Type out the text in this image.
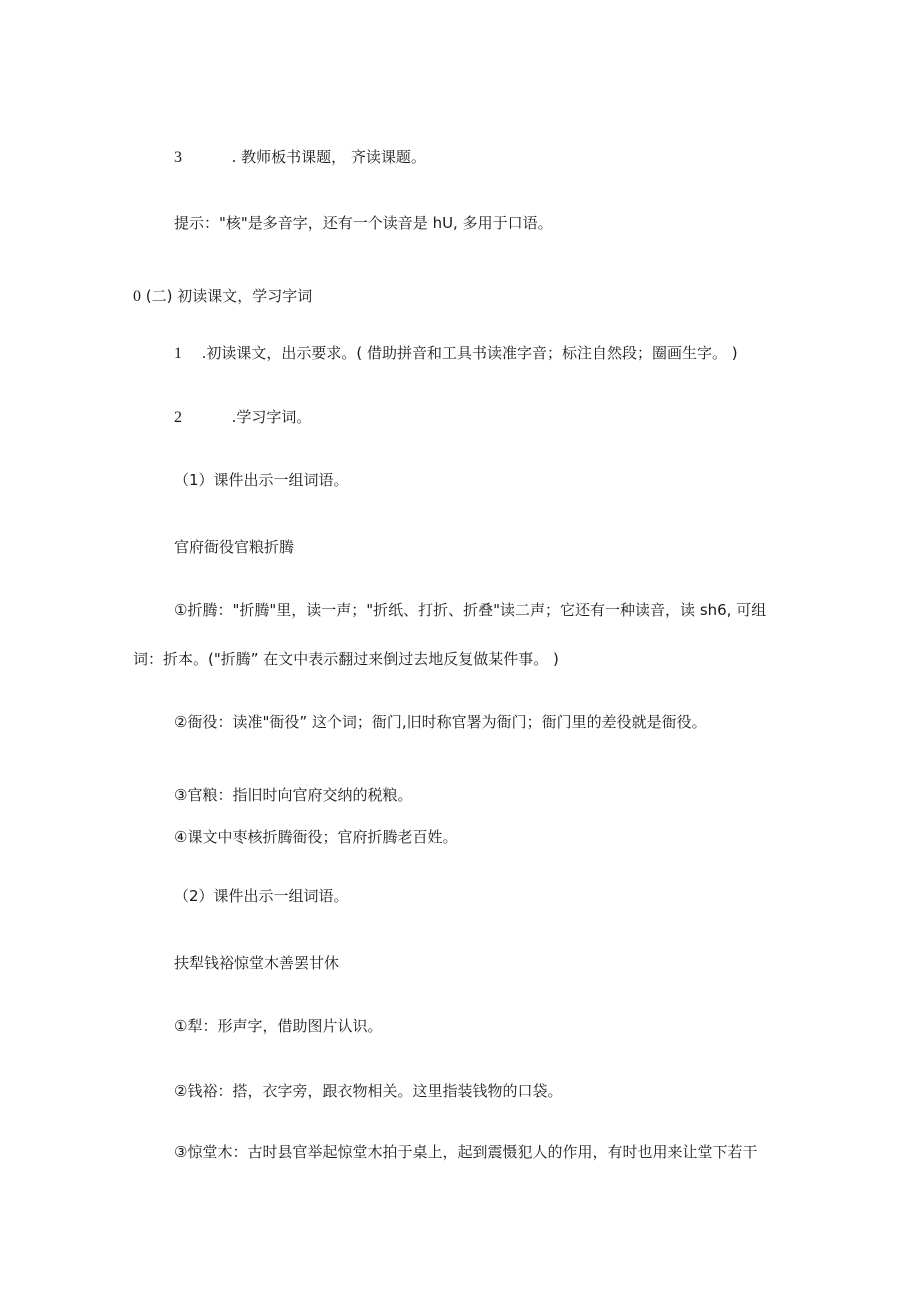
3	. 教师板书课题， 齐读课题。
提示："核"是多音字，还有一个读音是 hU, 多用于口语。
0 (二) 初读课文，学习字词
1 .初读课文，出示要求。( 借助拼音和工具书读准字音；标注自然段；圈画生字。 )
2	.学习字词。
（1）课件出示一组词语。
官府衙役官粮折腾
①折腾："折腾"里，读一声；"折纸、打折、折叠"读二声；它还有一种读音，读 sh6, 可组
词：折本。("折腾” 在文中表示翻过来倒过去地反复做某件事。 )
②衙役：读准"衙役” 这个词；衙门,旧时称官署为衙门；衙门里的差役就是衙役。
③官粮：指旧时向官府交纳的税粮。
④课文中枣核折腾衙役；官府折腾老百姓。
（2）课件出示一组词语。
扶犁钱裕惊堂木善罢甘休
①犁：形声字，借助图片认识。
②钱裕：搭，衣字旁，跟衣物相关。这里指装钱物的口袋。
③惊堂木：古时县官举起惊堂木拍于桌上，起到震慑犯人的作用，有时也用来让堂下若干
